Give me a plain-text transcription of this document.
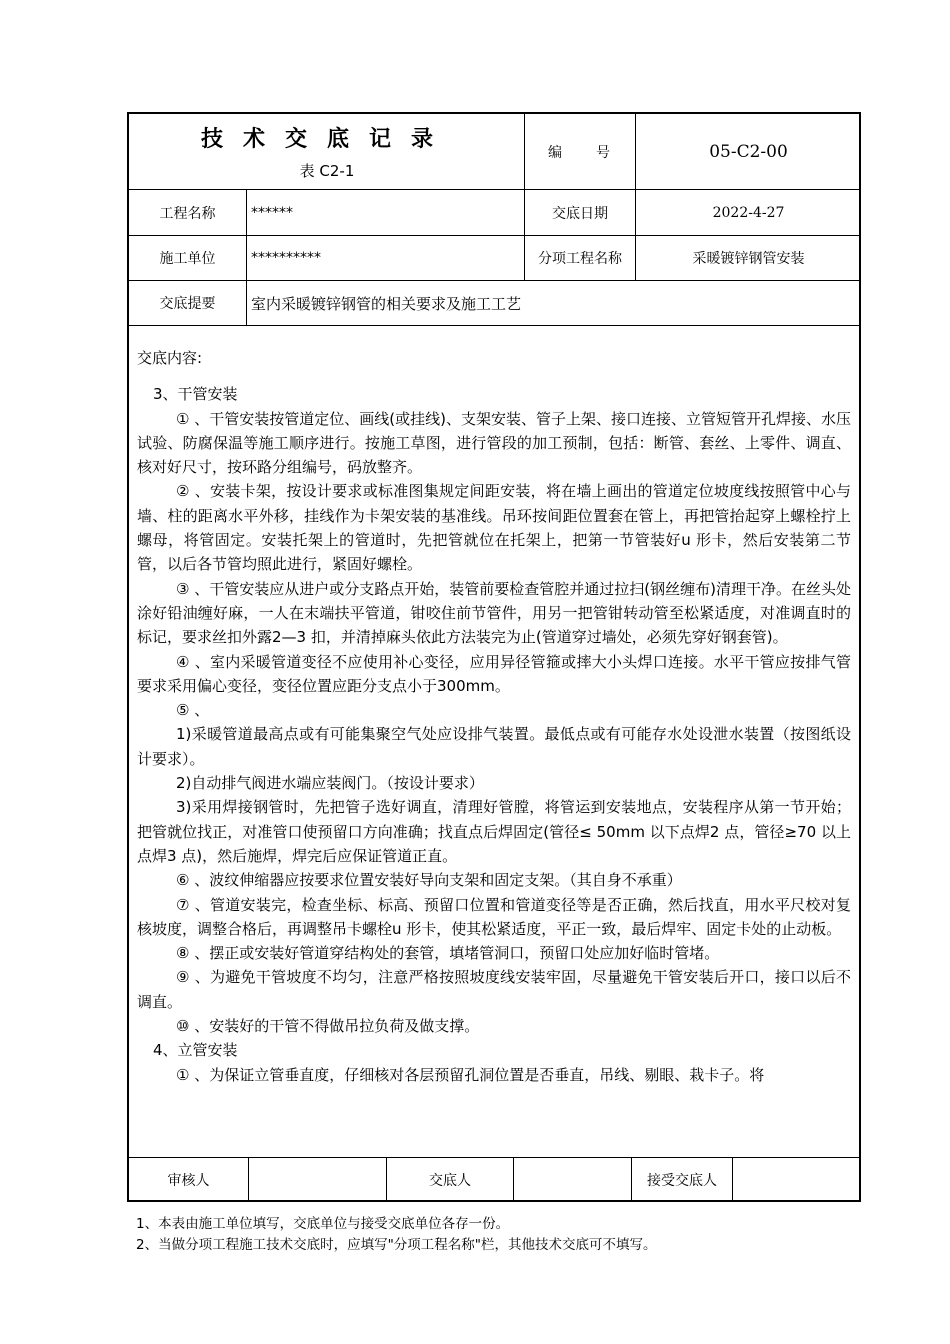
技术交底记录
表 C2-1
编　　号	05-C2-00
工程名称	******	交底日期	2022-4-27
施工单位	**********	分项工程名称	采暖镀锌钢管安装
交底提要	室内采暖镀锌钢管的相关要求及施工工艺

交底内容:

3、干管安装

① 、干管安装按管道定位、画线(或挂线)、支架安装、管子上架、接口连接、立管短管开孔焊接、水压试验、防腐保温等施工顺序进行。按施工草图，进行管段的加工预制，包括：断管、套丝、上零件、调直、核对好尺寸，按环路分组编号，码放整齐。

② 、安装卡架，按设计要求或标准图集规定间距安装，将在墙上画出的管道定位坡度线按照管中心与墙、柱的距离水平外移，挂线作为卡架安装的基准线。吊环按间距位置套在管上，再把管抬起穿上螺栓拧上螺母，将管固定。安装托架上的管道时，先把管就位在托架上，把第一节管装好u 形卡，然后安装第二节管，以后各节管均照此进行，紧固好螺栓。

③ 、干管安装应从进户或分支路点开始，装管前要检查管腔并通过拉扫(钢丝缠布)清理干净。在丝头处涂好铅油缠好麻，一人在末端扶平管道，钳咬住前节管件，用另一把管钳转动管至松紧适度，对准调直时的标记，要求丝扣外露2—3 扣，并清掉麻头依此方法装完为止(管道穿过墙处，必须先穿好钢套管)。

④ 、室内采暖管道变径不应使用补心变径，应用异径管箍或摔大小头焊口连接。水平干管应按排气管要求采用偏心变径，变径位置应距分支点小于300mm。

⑤ 、

1)采暖管道最高点或有可能集聚空气处应设排气装置。最低点或有可能存水处设泄水装置（按图纸设计要求）。

2)自动排气阀进水端应装阀门。（按设计要求）

3)采用焊接钢管时，先把管子选好调直，清理好管膛，将管运到安装地点，安装程序从第一节开始；把管就位找正，对准管口使预留口方向准确；找直点后焊固定(管径≤ 50mm 以下点焊2 点，管径≥70 以上点焊3 点)，然后施焊，焊完后应保证管道正直。

⑥ 、波纹伸缩器应按要求位置安装好导向支架和固定支架。（其自身不承重）

⑦ 、管道安装完，检查坐标、标高、预留口位置和管道变径等是否正确，然后找直，用水平尺校对复核坡度，调整合格后，再调整吊卡螺栓u 形卡，使其松紧适度，平正一致，最后焊牢、固定卡处的止动板。

⑧ 、摆正或安装好管道穿结构处的套管，填堵管洞口，预留口处应加好临时管堵。

⑨ 、为避免干管坡度不均匀，注意严格按照坡度线安装牢固，尽量避免干管安装后开口，接口以后不调直。

⑩ 、安装好的干管不得做吊拉负荷及做支撑。

4、立管安装

① 、为保证立管垂直度，仔细核对各层预留孔洞位置是否垂直，吊线、剔眼、栽卡子。将

审核人	交底人	接受交底人
1、本表由施工单位填写，交底单位与接受交底单位各存一份。
2、当做分项工程施工技术交底时，应填写"分项工程名称"栏，其他技术交底可不填写。
